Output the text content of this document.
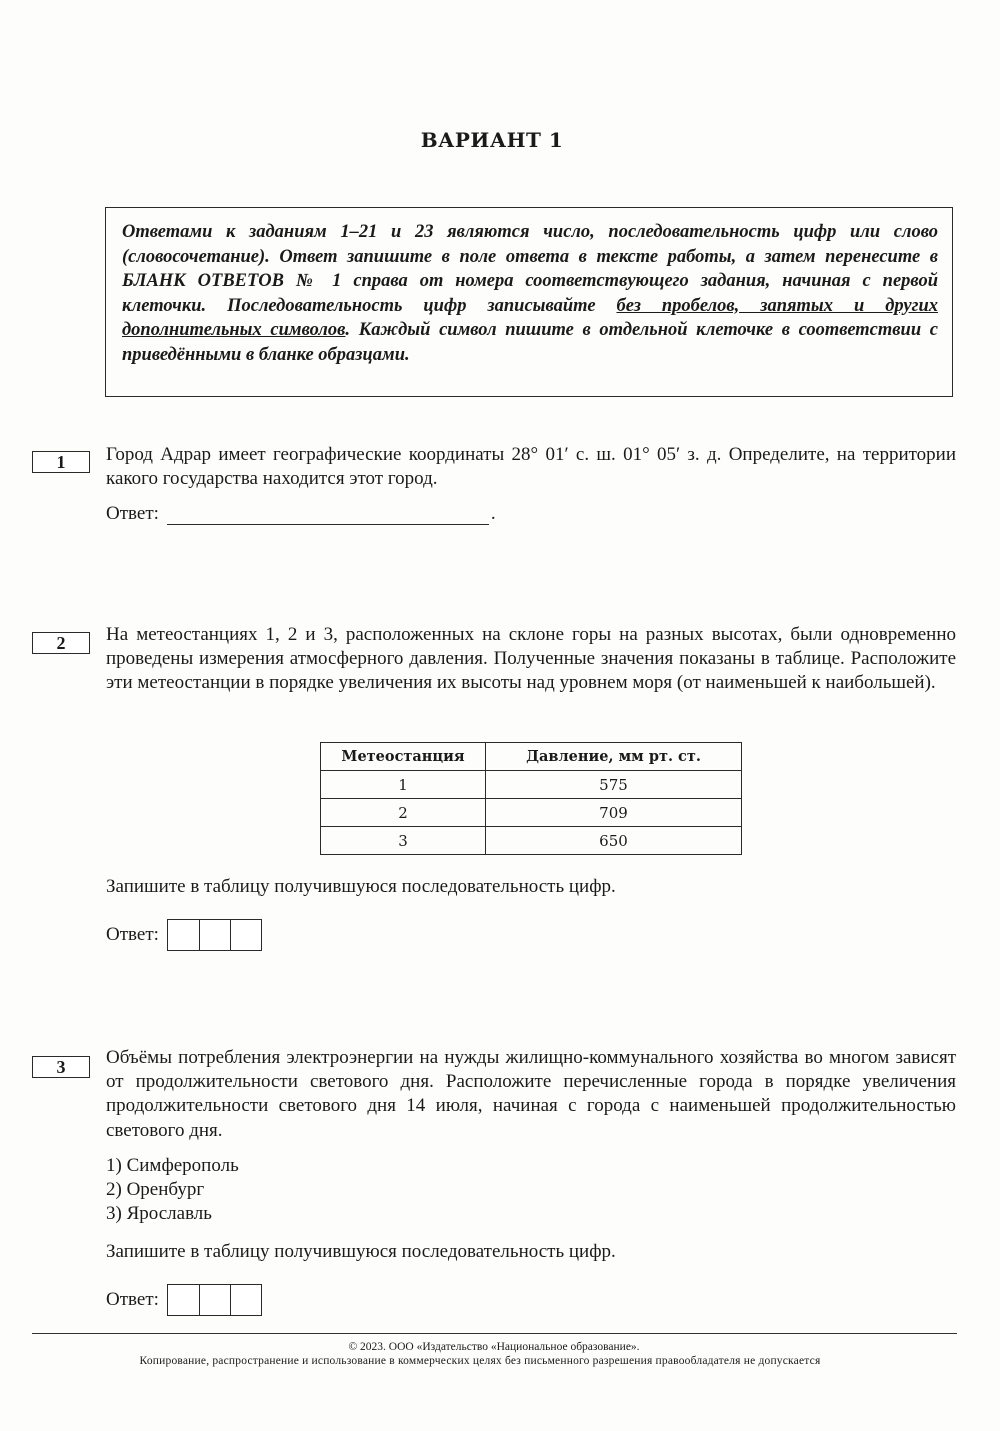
ВАРИАНТ 1
Ответами к заданиям 1–21 и 23 являются число, последовательность цифр или слово (словосочетание). Ответ запишите в поле ответа в тексте работы, а затем перенесите в БЛАНК ОТВЕТОВ № 1 справа от номера соответствующего задания, начиная с первой клеточки. Последовательность цифр записывайте без пробелов, запятых и других дополнительных символов. Каждый символ пишите в отдельной клеточке в соответствии с приведёнными в бланке образцами.
1	Город Адрар имеет географические координаты 28° 01′ с. ш. 01° 05′ з. д. Определите, на территории какого государства находится этот город.
Ответ:	.
2	На метеостанциях 1, 2 и 3, расположенных на склоне горы на разных высотах, были одновременно проведены измерения атмосферного давления. Полученные значения показаны в таблице. Расположите эти метеостанции в порядке увеличения их высоты над уровнем моря (от наименьшей к наибольшей).
Метеостанция	Давление, мм рт. ст.
1	575
2	709
3	650
Запишите в таблицу получившуюся последовательность цифр.
Ответ:
3	Объёмы потребления электроэнергии на нужды жилищно-коммунального хозяйства во многом зависят от продолжительности светового дня. Расположите перечисленные города в порядке увеличения продолжительности светового дня 14 июля, начиная с города с наименьшей продолжительностью светового дня.
1) Симферополь
2) Оренбург
3) Ярославль
Запишите в таблицу получившуюся последовательность цифр.
Ответ:
© 2023. ООО «Издательство «Национальное образование».
Копирование, распространение и использование в коммерческих целях без письменного разрешения правообладателя не допускается
